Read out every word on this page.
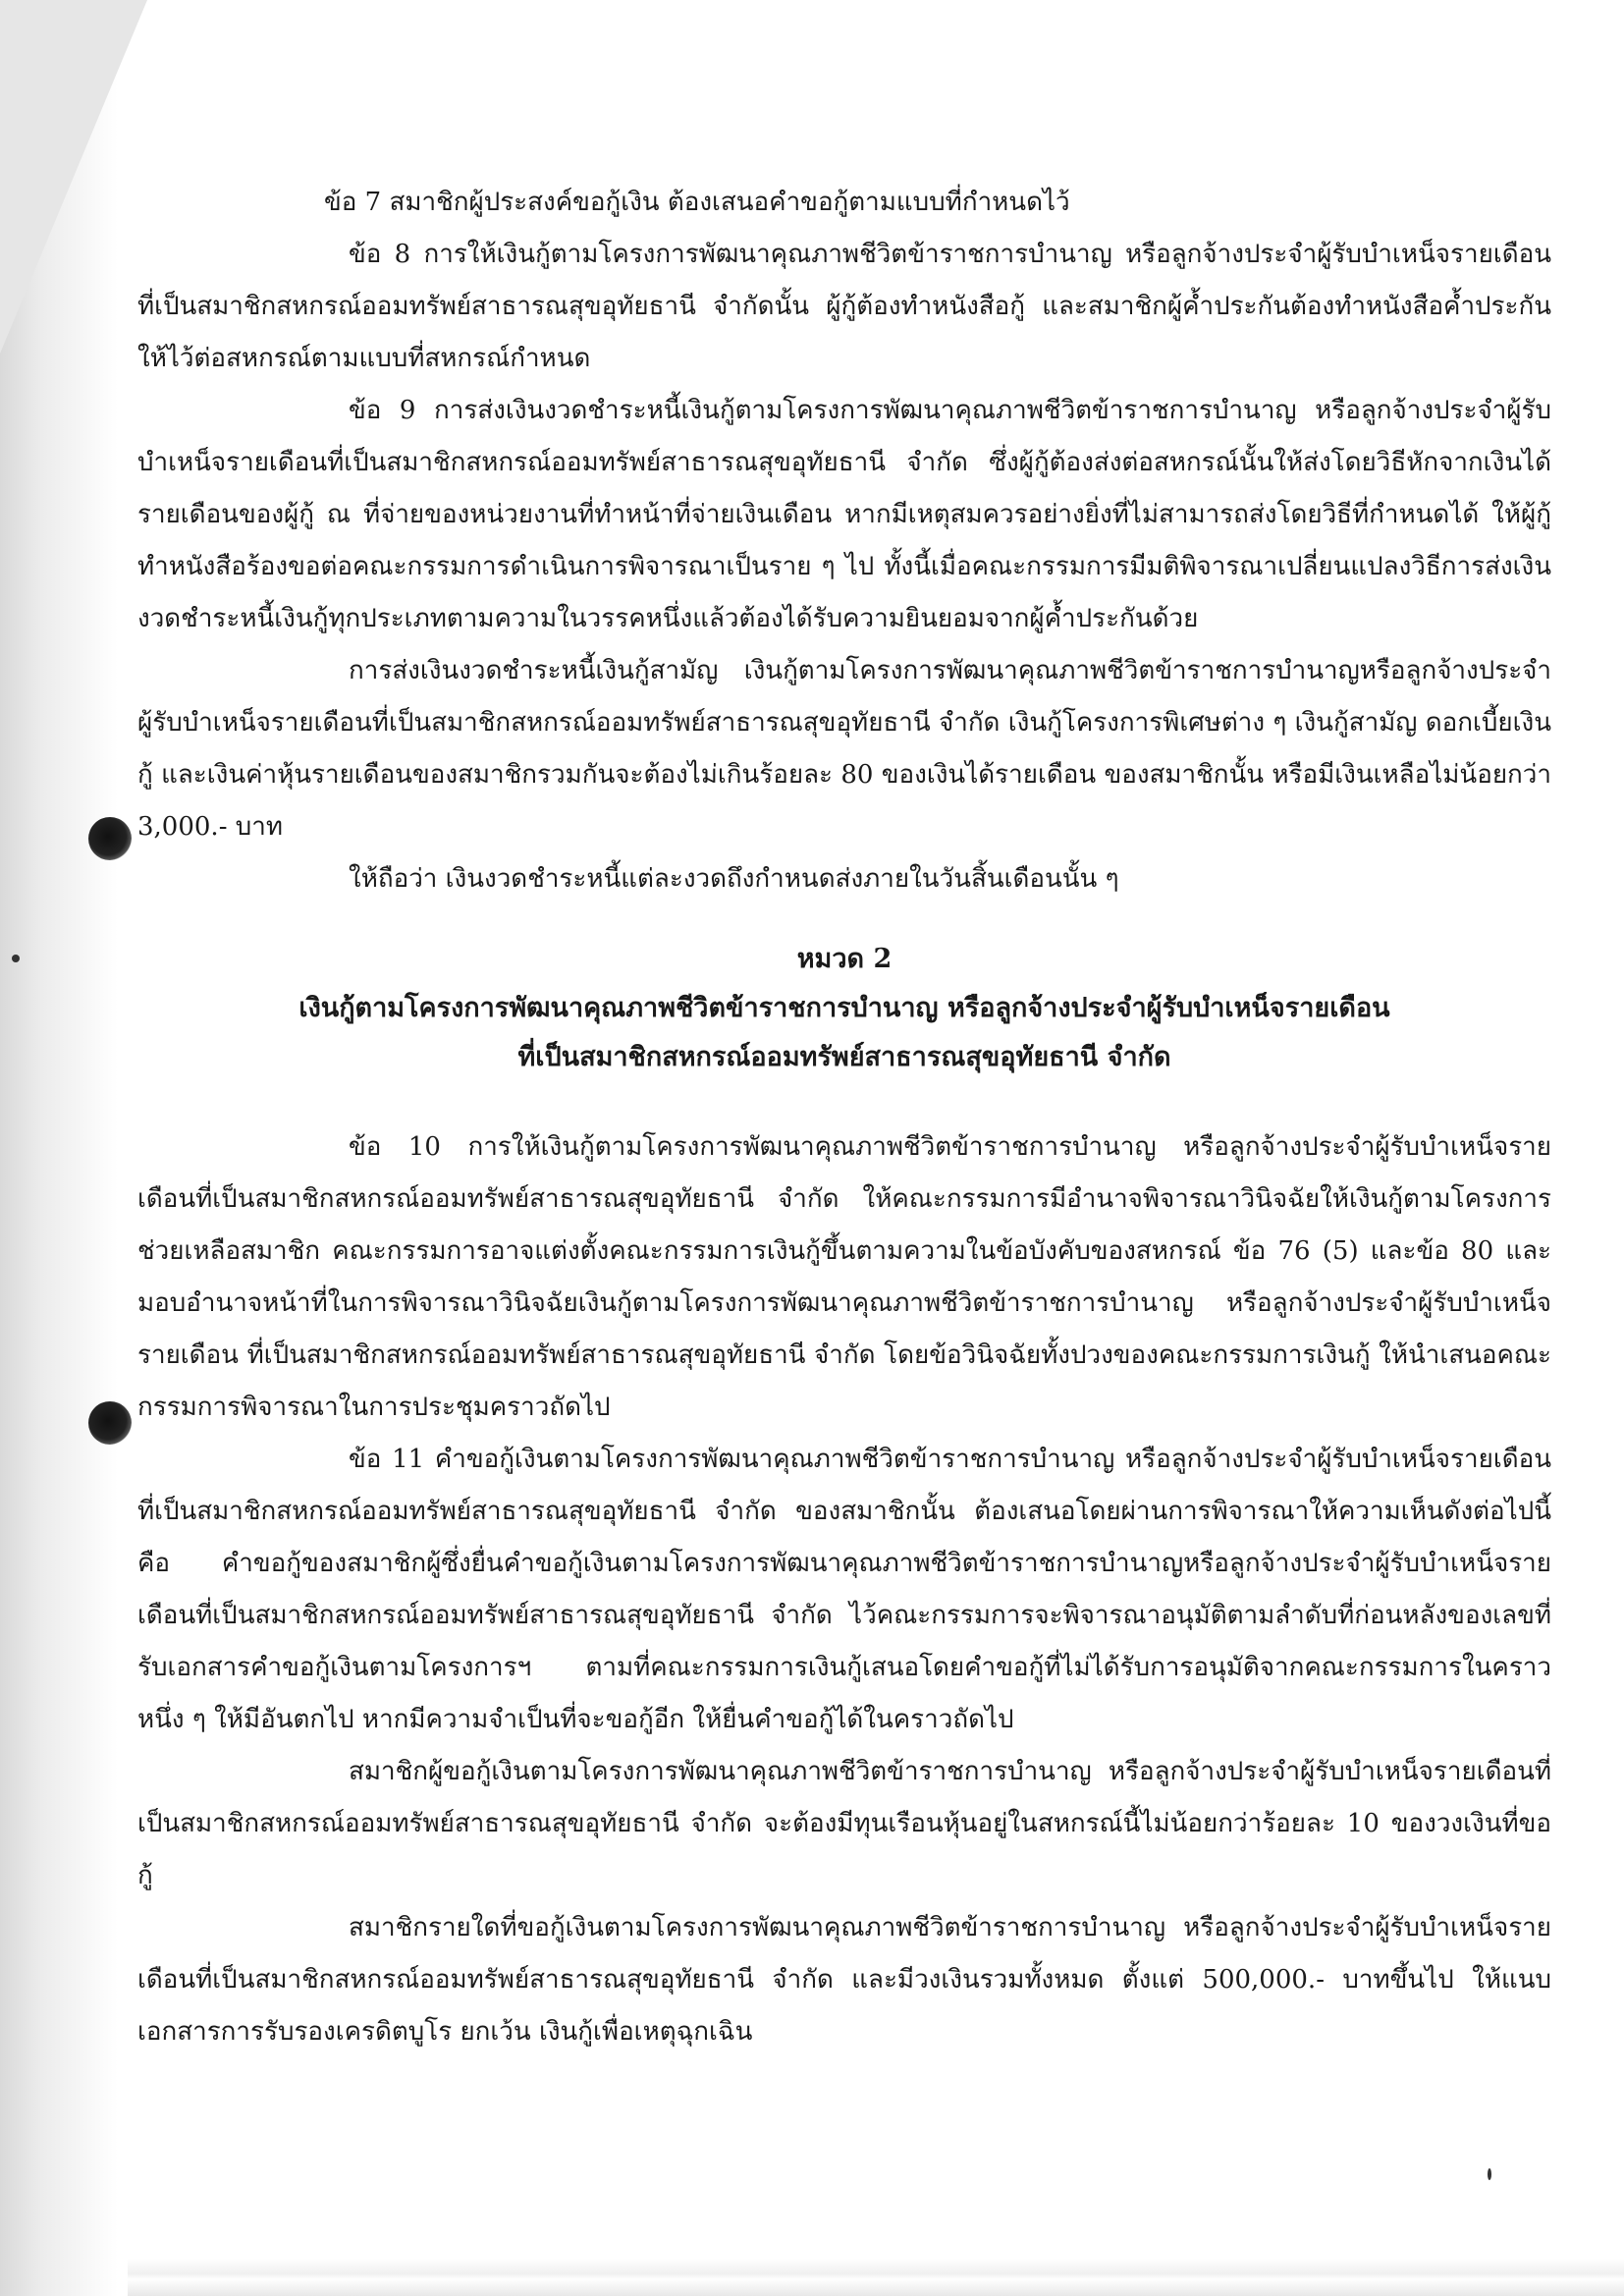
ข้อ 7 สมาชิกผู้ประสงค์ขอกู้เงิน ต้องเสนอคำขอกู้ตามแบบที่กำหนดไว้

ข้อ 8 การให้เงินกู้ตามโครงการพัฒนาคุณภาพชีวิตข้าราชการบำนาญ หรือลูกจ้างประจำผู้รับบำเหน็จรายเดือนที่เป็นสมาชิกสหกรณ์ออมทรัพย์สาธารณสุขอุทัยธานี จำกัดนั้น ผู้กู้ต้องทำหนังสือกู้ และสมาชิกผู้ค้ำประกันต้องทำหนังสือค้ำประกันให้ไว้ต่อสหกรณ์ตามแบบที่สหกรณ์กำหนด

ข้อ 9 การส่งเงินงวดชำระหนี้เงินกู้ตามโครงการพัฒนาคุณภาพชีวิตข้าราชการบำนาญ หรือลูกจ้างประจำผู้รับบำเหน็จรายเดือนที่เป็นสมาชิกสหกรณ์ออมทรัพย์สาธารณสุขอุทัยธานี จำกัด ซึ่งผู้กู้ต้องส่งต่อสหกรณ์นั้นให้ส่งโดยวิธีหักจากเงินได้รายเดือนของผู้กู้ ณ ที่จ่ายของหน่วยงานที่ทำหน้าที่จ่ายเงินเดือน หากมีเหตุสมควรอย่างยิ่งที่ไม่สามารถส่งโดยวิธีที่กำหนดได้ ให้ผู้กู้ทำหนังสือร้องขอต่อคณะกรรมการดำเนินการพิจารณาเป็นราย ๆ ไป ทั้งนี้เมื่อคณะกรรมการมีมติพิจารณาเปลี่ยนแปลงวิธีการส่งเงินงวดชำระหนี้เงินกู้ทุกประเภทตามความในวรรคหนึ่งแล้วต้องได้รับความยินยอมจากผู้ค้ำประกันด้วย

การส่งเงินงวดชำระหนี้เงินกู้สามัญ เงินกู้ตามโครงการพัฒนาคุณภาพชีวิตข้าราชการบำนาญหรือลูกจ้างประจำผู้รับบำเหน็จรายเดือนที่เป็นสมาชิกสหกรณ์ออมทรัพย์สาธารณสุขอุทัยธานี จำกัด เงินกู้โครงการพิเศษต่าง ๆ เงินกู้สามัญ ดอกเบี้ยเงินกู้ และเงินค่าหุ้นรายเดือนของสมาชิกรวมกันจะต้องไม่เกินร้อยละ 80 ของเงินได้รายเดือน ของสมาชิกนั้น หรือมีเงินเหลือไม่น้อยกว่า 3,000.- บาท

ให้ถือว่า เงินงวดชำระหนี้แต่ละงวดถึงกำหนดส่งภายในวันสิ้นเดือนนั้น ๆ

หมวด 2

เงินกู้ตามโครงการพัฒนาคุณภาพชีวิตข้าราชการบำนาญ หรือลูกจ้างประจำผู้รับบำเหน็จรายเดือน

ที่เป็นสมาชิกสหกรณ์ออมทรัพย์สาธารณสุขอุทัยธานี จำกัด

ข้อ 10 การให้เงินกู้ตามโครงการพัฒนาคุณภาพชีวิตข้าราชการบำนาญ หรือลูกจ้างประจำผู้รับบำเหน็จรายเดือนที่เป็นสมาชิกสหกรณ์ออมทรัพย์สาธารณสุขอุทัยธานี จำกัด ให้คณะกรรมการมีอำนาจพิจารณาวินิจฉัยให้เงินกู้ตามโครงการช่วยเหลือสมาชิก คณะกรรมการอาจแต่งตั้งคณะกรรมการเงินกู้ขึ้นตามความในข้อบังคับของสหกรณ์ ข้อ 76 (5) และข้อ 80 และมอบอำนาจหน้าที่ในการพิจารณาวินิจฉัยเงินกู้ตามโครงการพัฒนาคุณภาพชีวิตข้าราชการบำนาญ หรือลูกจ้างประจำผู้รับบำเหน็จรายเดือน ที่เป็นสมาชิกสหกรณ์ออมทรัพย์สาธารณสุขอุทัยธานี จำกัด โดยข้อวินิจฉัยทั้งปวงของคณะกรรมการเงินกู้ ให้นำเสนอคณะกรรมการพิจารณาในการประชุมคราวถัดไป

ข้อ 11 คำขอกู้เงินตามโครงการพัฒนาคุณภาพชีวิตข้าราชการบำนาญ หรือลูกจ้างประจำผู้รับบำเหน็จรายเดือนที่เป็นสมาชิกสหกรณ์ออมทรัพย์สาธารณสุขอุทัยธานี จำกัด ของสมาชิกนั้น ต้องเสนอโดยผ่านการพิจารณาให้ความเห็นดังต่อไปนี้ คือ คำขอกู้ของสมาชิกผู้ซึ่งยื่นคำขอกู้เงินตามโครงการพัฒนาคุณภาพชีวิตข้าราชการบำนาญหรือลูกจ้างประจำผู้รับบำเหน็จรายเดือนที่เป็นสมาชิกสหกรณ์ออมทรัพย์สาธารณสุขอุทัยธานี จำกัด ไว้คณะกรรมการจะพิจารณาอนุมัติตามลำดับที่ก่อนหลังของเลขที่รับเอกสารคำขอกู้เงินตามโครงการฯ ตามที่คณะกรรมการเงินกู้เสนอโดยคำขอกู้ที่ไม่ได้รับการอนุมัติจากคณะกรรมการในคราวหนึ่ง ๆ ให้มีอันตกไป หากมีความจำเป็นที่จะขอกู้อีก ให้ยื่นคำขอกู้ได้ในคราวถัดไป

สมาชิกผู้ขอกู้เงินตามโครงการพัฒนาคุณภาพชีวิตข้าราชการบำนาญ หรือลูกจ้างประจำผู้รับบำเหน็จรายเดือนที่เป็นสมาชิกสหกรณ์ออมทรัพย์สาธารณสุขอุทัยธานี จำกัด จะต้องมีทุนเรือนหุ้นอยู่ในสหกรณ์นี้ไม่น้อยกว่าร้อยละ 10 ของวงเงินที่ขอกู้

สมาชิกรายใดที่ขอกู้เงินตามโครงการพัฒนาคุณภาพชีวิตข้าราชการบำนาญ หรือลูกจ้างประจำผู้รับบำเหน็จรายเดือนที่เป็นสมาชิกสหกรณ์ออมทรัพย์สาธารณสุขอุทัยธานี จำกัด และมีวงเงินรวมทั้งหมด ตั้งแต่ 500,000.- บาทขึ้นไป ให้แนบเอกสารการรับรองเครดิตบูโร ยกเว้น เงินกู้เพื่อเหตุฉุกเฉิน
